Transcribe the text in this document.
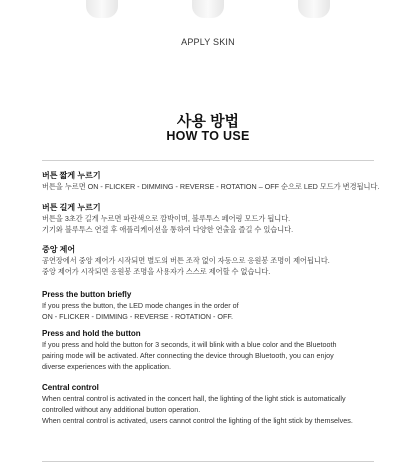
APPLY SKIN
사용 방법
HOW TO USE
버튼 짧게 누르기
버튼을 누르면 ON - FLICKER - DIMMING - REVERSE - ROTATION – OFF 순으로 LED 모드가 변경됩니다.
버튼 길게 누르기
버튼을 3초간 길게 누르면 파란색으로 깜박이며, 블루투스 페어링 모드가 됩니다.
기기와 블루투스 연결 후 애플리케이션을 통하여 다양한 연출을 즐길 수 있습니다.
중앙 제어
공연장에서 중앙 제어가 시작되면 별도의 버튼 조작 없이 자동으로 응원봉 조명이 제어됩니다.
중앙 제어가 시작되면 응원봉 조명을 사용자가 스스로 제어할 수 없습니다.
Press the button briefly
If you press the button, the LED mode changes in the order of
ON - FLICKER - DIMMING - REVERSE - ROTATION - OFF.
Press and hold the button
If you press and hold the button for 3 seconds, it will blink with a blue color and the Bluetooth
pairing mode will be activated. After connecting the device through Bluetooth, you can enjoy
diverse experiences with the application.
Central control
When central control is activated in the concert hall, the lighting of the light stick is automatically
controlled without any additional button operation.
When central control is activated, users cannot control the lighting of the light stick by themselves.
